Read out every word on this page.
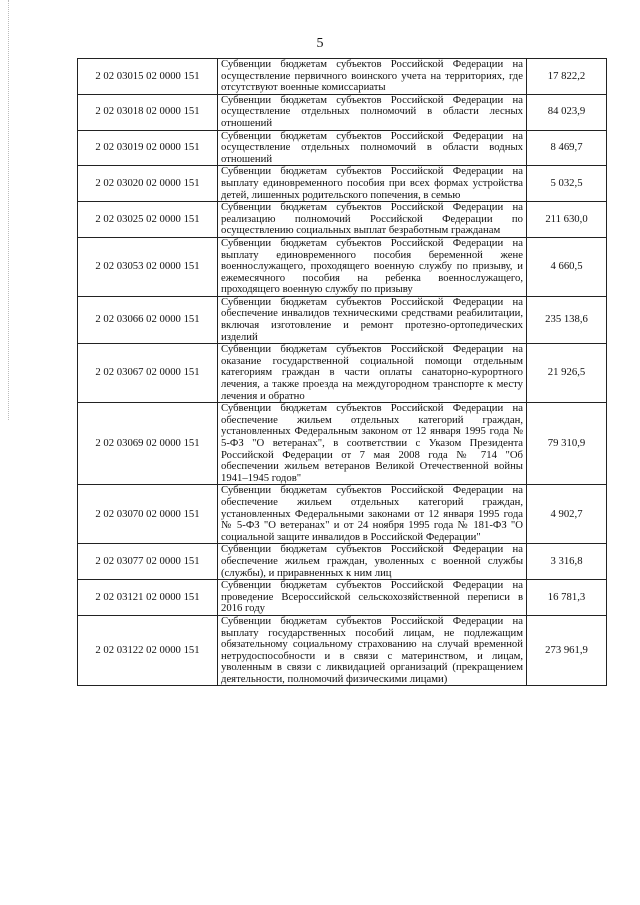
5
2 02 03015 02 0000 151	Субвенции бюджетам субъектов Российской Федерации на осуществление первичного воинского учета на территориях, где отсутствуют военные комиссариаты	17 822,2
2 02 03018 02 0000 151	Субвенции бюджетам субъектов Российской Федерации на осуществление отдельных полномочий в области лесных отношений	84 023,9
2 02 03019 02 0000 151	Субвенции бюджетам субъектов Российской Федерации на осуществление отдельных полномочий в области водных отношений	8 469,7
2 02 03020 02 0000 151	Субвенции бюджетам субъектов Российской Федерации на выплату единовременного пособия при всех формах устройства детей, лишенных родительского попечения, в семью	5 032,5
2 02 03025 02 0000 151	Субвенции бюджетам субъектов Российской Федерации на реализацию полномочий Российской Федерации по осуществлению социальных выплат безработным гражданам	211 630,0
2 02 03053 02 0000 151	Субвенции бюджетам субъектов Российской Федерации на выплату единовременного пособия беременной жене военнослужащего, проходящего военную службу по призыву, и ежемесячного пособия на ребенка военнослужащего, проходящего военную службу по призыву	4 660,5
2 02 03066 02 0000 151	Субвенции бюджетам субъектов Российской Федерации на обеспечение инвалидов техническими средствами реабилитации, включая изготовление и ремонт протезно-ортопедических изделий	235 138,6
2 02 03067 02 0000 151	Субвенции бюджетам субъектов Российской Федерации на оказание государственной социальной помощи отдельным категориям граждан в части оплаты санаторно-курортного лечения, а также проезда на междугородном транспорте к месту лечения и обратно	21 926,5
2 02 03069 02 0000 151	Субвенции бюджетам субъектов Российской Федерации на обеспечение жильем отдельных категорий граждан, установленных Федеральным законом от 12 января 1995 года № 5-ФЗ "О ветеранах", в соответствии с Указом Президента Российской Федерации от 7 мая 2008 года № 714 "Об обеспечении жильем ветеранов Великой Отечественной войны 1941–1945 годов"	79 310,9
2 02 03070 02 0000 151	Субвенции бюджетам субъектов Российской Федерации на обеспечение жильем отдельных категорий граждан, установленных Федеральными законами от 12 января 1995 года № 5-ФЗ "О ветеранах" и от 24 ноября 1995 года № 181-ФЗ "О социальной защите инвалидов в Российской Федерации"	4 902,7
2 02 03077 02 0000 151	Субвенции бюджетам субъектов Российской Федерации на обеспечение жильем граждан, уволенных с военной службы (службы), и приравненных к ним лиц	3 316,8
2 02 03121 02 0000 151	Субвенции бюджетам субъектов Российской Федерации на проведение Всероссийской сельскохозяйственной переписи в 2016 году	16 781,3
2 02 03122 02 0000 151	Субвенции бюджетам субъектов Российской Федерации на выплату государственных пособий лицам, не подлежащим обязательному социальному страхованию на случай временной нетрудоспособности и в связи с материнством, и лицам, уволенным в связи с ликвидацией организаций (прекращением деятельности, полномочий физическими лицами)	273 961,9
